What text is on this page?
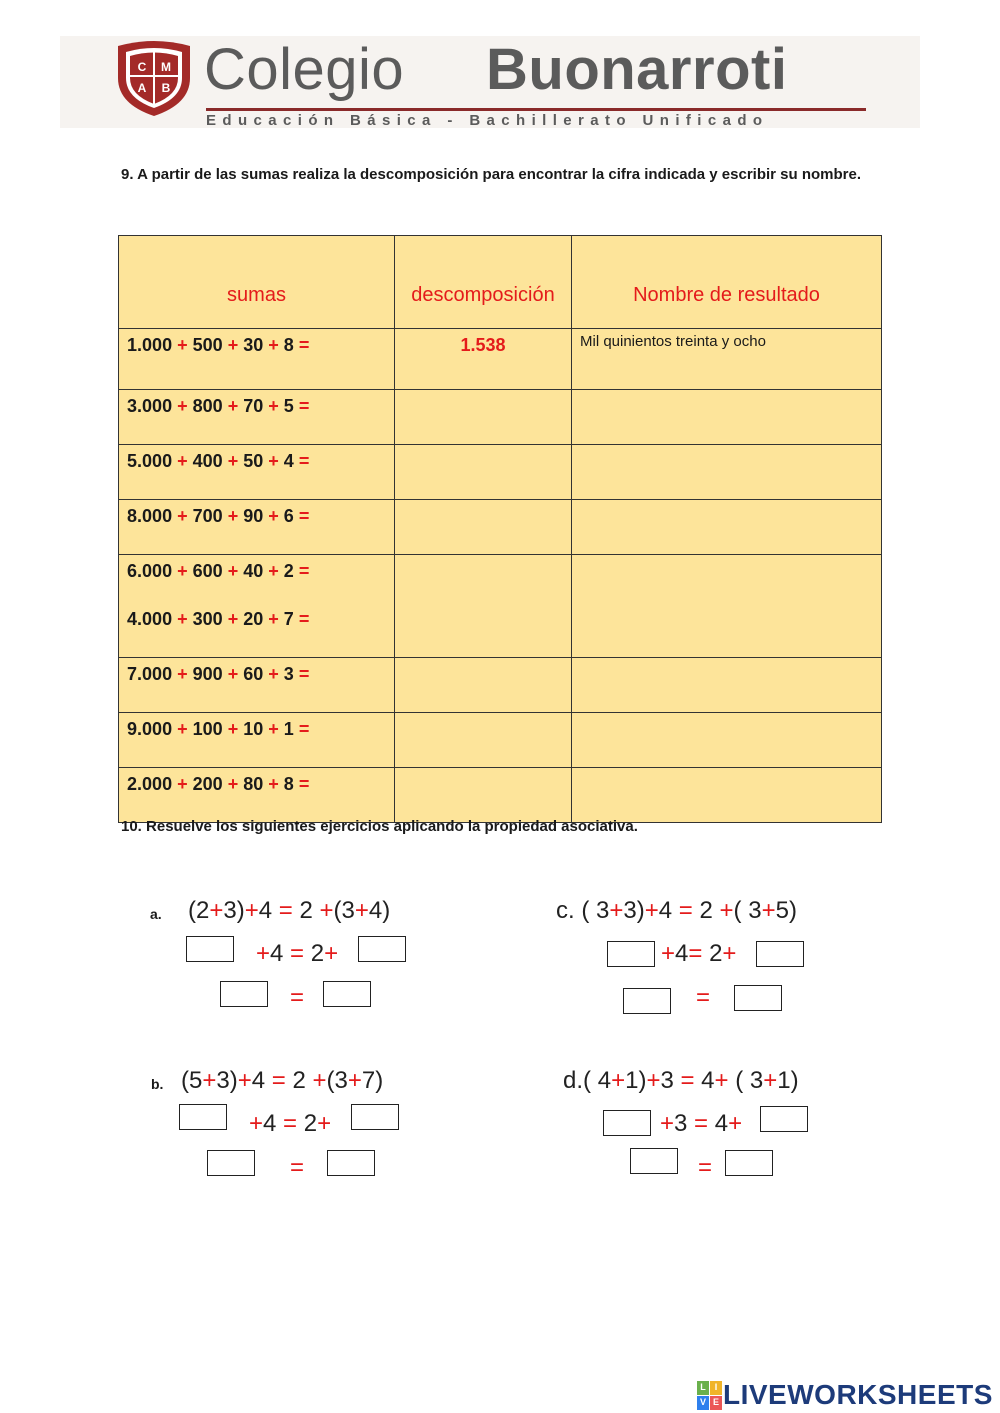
C M
A B Colegio Buonarroti
Educación Básica - Bachillerato Unificado
9. A partir de las sumas realiza la descomposición para encontrar la cifra indicada y escribir su nombre.
sumas	descomposición	Nombre de resultado

1.000 + 500 + 30 + 8 =	1.538	Mil quinientos treinta y ocho

3.000 + 800 + 70 + 5 =		

5.000 + 400 + 50 + 4 =		

8.000 + 700 + 90 + 6 =		

6.000 + 600 + 40 + 2 =
4.000 + 300 + 20 + 7 =		

7.000 + 900 + 60 + 3 =		

9.000 + 100 + 10 + 1 =		

2.000 + 200 + 80 + 8 =		

10. Resuelve los siguientes ejercicios aplicando la propiedad asociativa.
a. (2+3)+4 = 2 +(3+4)
+4 = 2+
=
c. ( 3+3)+4 = 2 +( 3+5)
+4= 2+
=
b. (5+3)+4 = 2 +(3+7)
+4 = 2+
=
d.( 4+1)+3 = 4+ ( 3+1)
+3 = 4+
=
L I
V E LIVEWORKSHEETS
